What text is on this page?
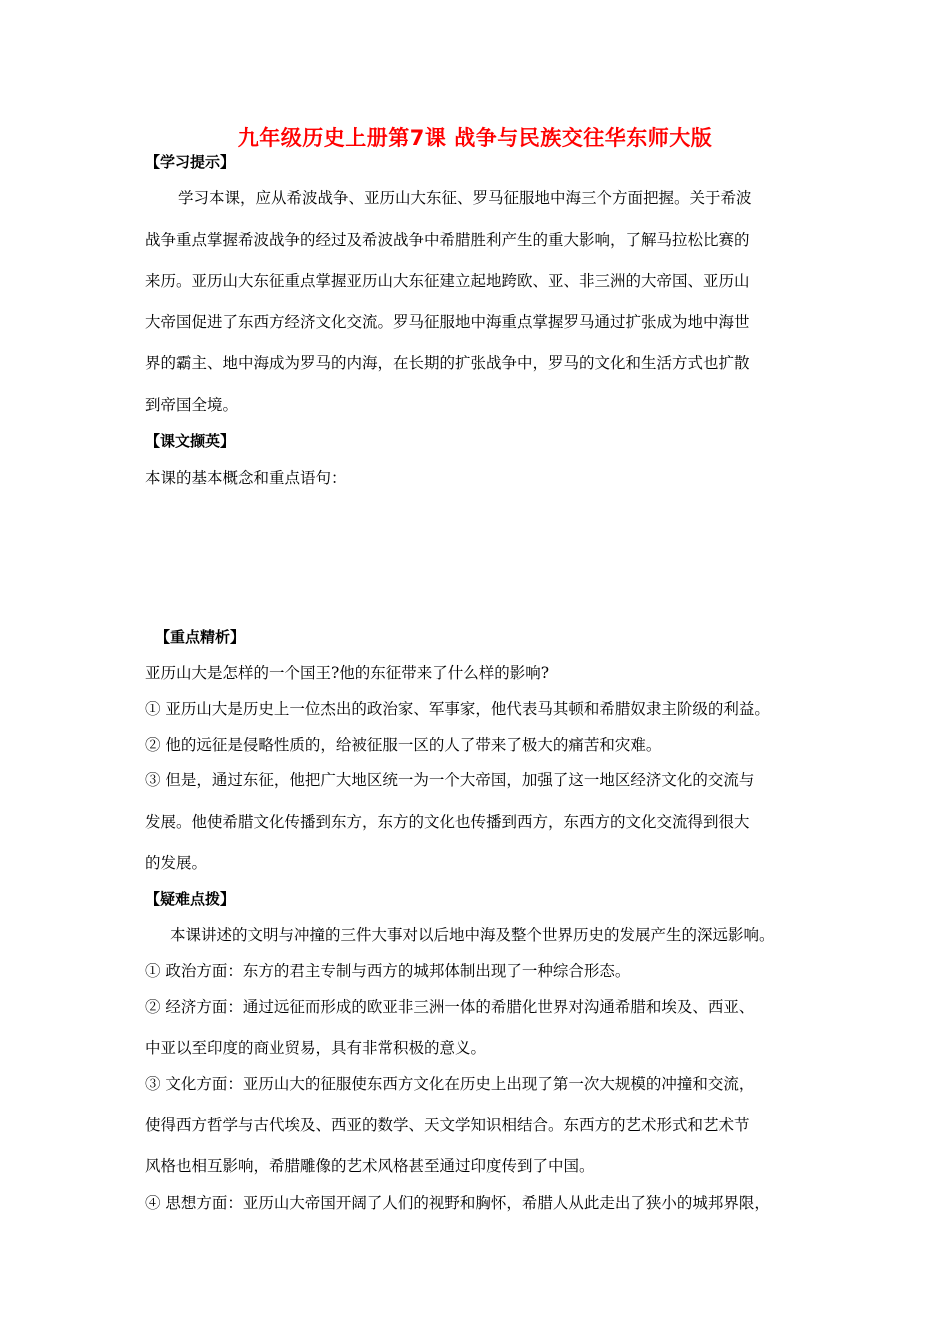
九年级历史上册第7课 战争与民族交往华东师大版
【学习提示】
学习本课，应从希波战争、亚历山大东征、罗马征服地中海三个方面把握。关于希波
战争重点掌握希波战争的经过及希波战争中希腊胜利产生的重大影响，了解马拉松比赛的
来历。亚历山大东征重点掌握亚历山大东征建立起地跨欧、亚、非三洲的大帝国、亚历山
大帝国促进了东西方经济文化交流。罗马征服地中海重点掌握罗马通过扩张成为地中海世
界的霸主、地中海成为罗马的内海，在长期的扩张战争中，罗马的文化和生活方式也扩散
到帝国全境。
【课文撷英】
本课的基本概念和重点语句：
【重点精析】
亚历山大是怎样的一个国王?他的东征带来了什么样的影响?
① 亚历山大是历史上一位杰出的政治家、军事家，他代表马其顿和希腊奴隶主阶级的利益。
② 他的远征是侵略性质的，给被征服一区的人了带来了极大的痛苦和灾难。
③ 但是，通过东征，他把广大地区统一为一个大帝国，加强了这一地区经济文化的交流与
发展。他使希腊文化传播到东方，东方的文化也传播到西方，东西方的文化交流得到很大
的发展。
【疑难点拨】
本课讲述的文明与冲撞的三件大事对以后地中海及整个世界历史的发展产生的深远影响。
① 政治方面：东方的君主专制与西方的城邦体制出现了一种综合形态。
② 经济方面：通过远征而形成的欧亚非三洲一体的希腊化世界对沟通希腊和埃及、西亚、
中亚以至印度的商业贸易，具有非常积极的意义。
③ 文化方面：亚历山大的征服使东西方文化在历史上出现了第一次大规模的冲撞和交流，
使得西方哲学与古代埃及、西亚的数学、天文学知识相结合。东西方的艺术形式和艺术节
风格也相互影响，希腊雕像的艺术风格甚至通过印度传到了中国。
④ 思想方面：亚历山大帝国开阔了人们的视野和胸怀，希腊人从此走出了狭小的城邦界限，
